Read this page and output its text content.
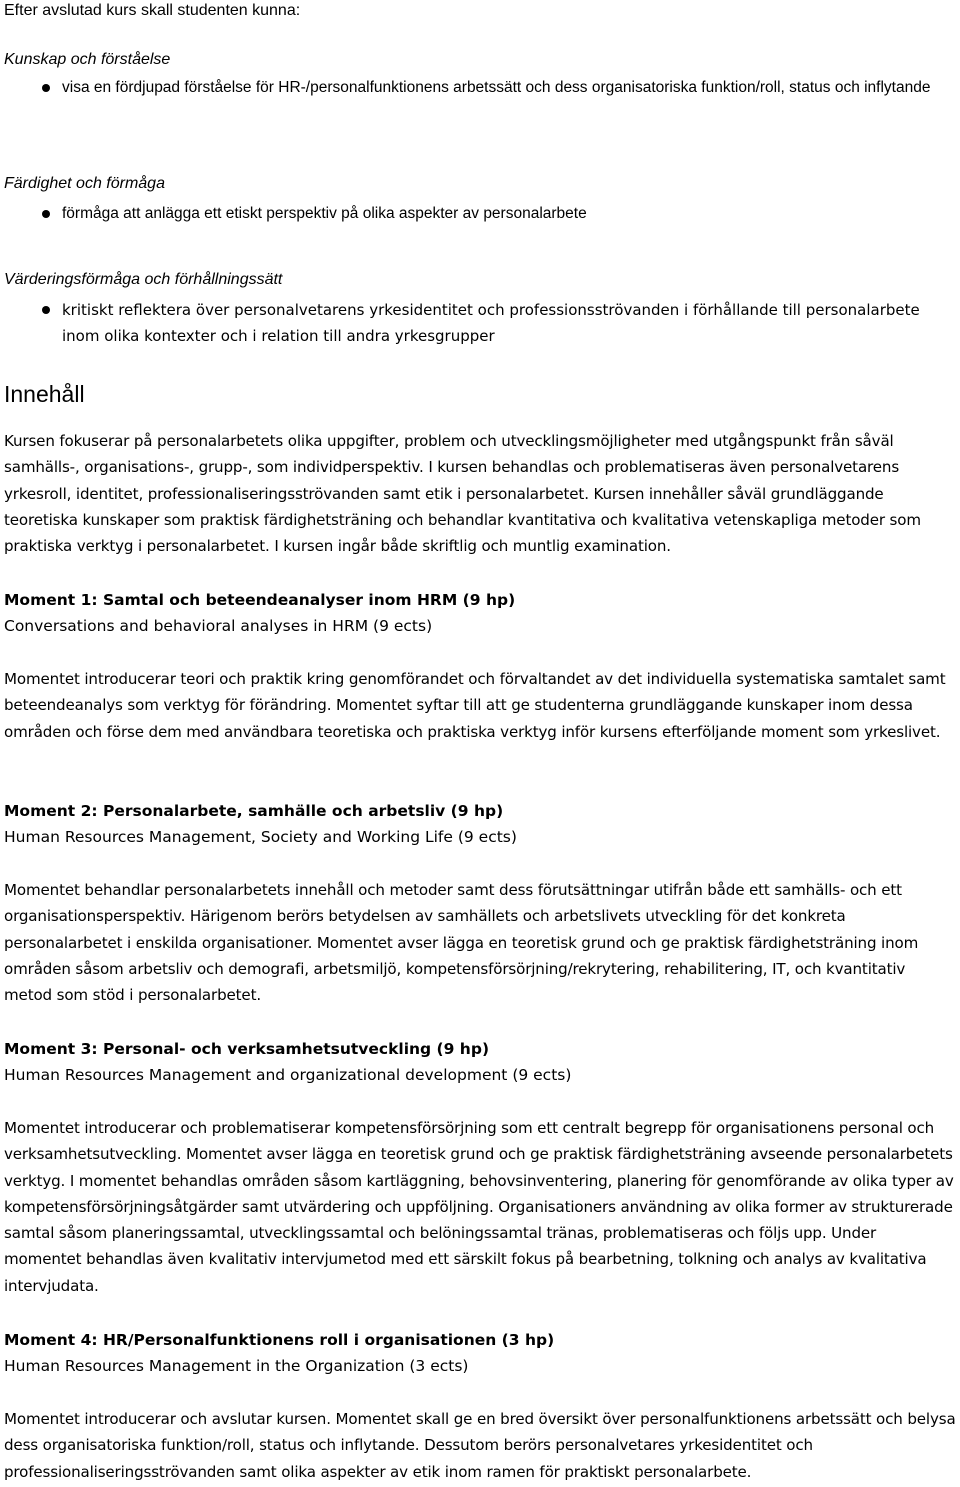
Efter avslutad kurs skall studenten kunna:
Kunskap och förståelse
visa en fördjupad förståelse för HR-/personalfunktionens arbetssätt och dess organisatoriska funktion/roll, status och inflytande
Färdighet och förmåga
förmåga att anlägga ett etiskt perspektiv på olika aspekter av personalarbete
Värderingsförmåga och förhållningssätt
kritiskt reflektera över personalvetarens yrkesidentitet och professionsströvanden i förhållande till personalarbete inom olika kontexter och i relation till andra yrkesgrupper
Innehåll
Kursen fokuserar på personalarbetets olika uppgifter, problem och utvecklingsmöjligheter med utgångspunkt från såväl samhälls-, organisations-, grupp-, som individperspektiv. I kursen behandlas och problematiseras även personalvetarens yrkesroll, identitet, professionaliseringsströvanden samt etik i personalarbetet. Kursen innehåller såväl grundläggande teoretiska kunskaper som praktisk färdighetsträning och behandlar kvantitativa och kvalitativa vetenskapliga metoder som praktiska verktyg i personalarbetet. I kursen ingår både skriftlig och muntlig examination.
Moment 1: Samtal och beteendeanalyser inom HRM (9 hp)
Conversations and behavioral analyses in HRM (9 ects)
Momentet introducerar teori och praktik kring genomförandet och förvaltandet av det individuella systematiska samtalet samt beteendeanalys som verktyg för förändring. Momentet syftar till att ge studenterna grundläggande kunskaper inom dessa områden och förse dem med användbara teoretiska och praktiska verktyg inför kursens efterföljande moment som yrkeslivet.
Moment 2: Personalarbete, samhälle och arbetsliv (9 hp)
Human Resources Management, Society and Working Life (9 ects)
Momentet behandlar personalarbetets innehåll och metoder samt dess förutsättningar utifrån både ett samhälls- och ett organisationsperspektiv. Härigenom berörs betydelsen av samhällets och arbetslivets utveckling för det konkreta personalarbetet i enskilda organisationer. Momentet avser lägga en teoretisk grund och ge praktisk färdighetsträning inom områden såsom arbetsliv och demografi, arbetsmiljö, kompetensförsörjning/rekrytering, rehabilitering, IT, och kvantitativ metod som stöd i personalarbetet.
Moment 3: Personal- och verksamhetsutveckling (9 hp)
Human Resources Management and organizational development (9 ects)
Momentet introducerar och problematiserar kompetensförsörjning som ett centralt begrepp för organisationens personal och verksamhetsutveckling. Momentet avser lägga en teoretisk grund och ge praktisk färdighetsträning avseende personalarbetets verktyg. I momentet behandlas områden såsom kartläggning, behovsinventering, planering för genomförande av olika typer av kompetensförsörjningsåtgärder samt utvärdering och uppföljning. Organisationers användning av olika former av strukturerade samtal såsom planeringssamtal, utvecklingssamtal och belöningssamtal tränas, problematiseras och följs upp. Under momentet behandlas även kvalitativ intervjumetod med ett särskilt fokus på bearbetning, tolkning och analys av kvalitativa intervjudata.
Moment 4: HR/Personalfunktionens roll i organisationen (3 hp)
Human Resources Management in the Organization (3 ects)
Momentet introducerar och avslutar kursen. Momentet skall ge en bred översikt över personalfunktionens arbetssätt och belysa dess organisatoriska funktion/roll, status och inflytande. Dessutom berörs personalvetares yrkesidentitet och professionaliseringsströvanden samt olika aspekter av etik inom ramen för praktiskt personalarbete.
